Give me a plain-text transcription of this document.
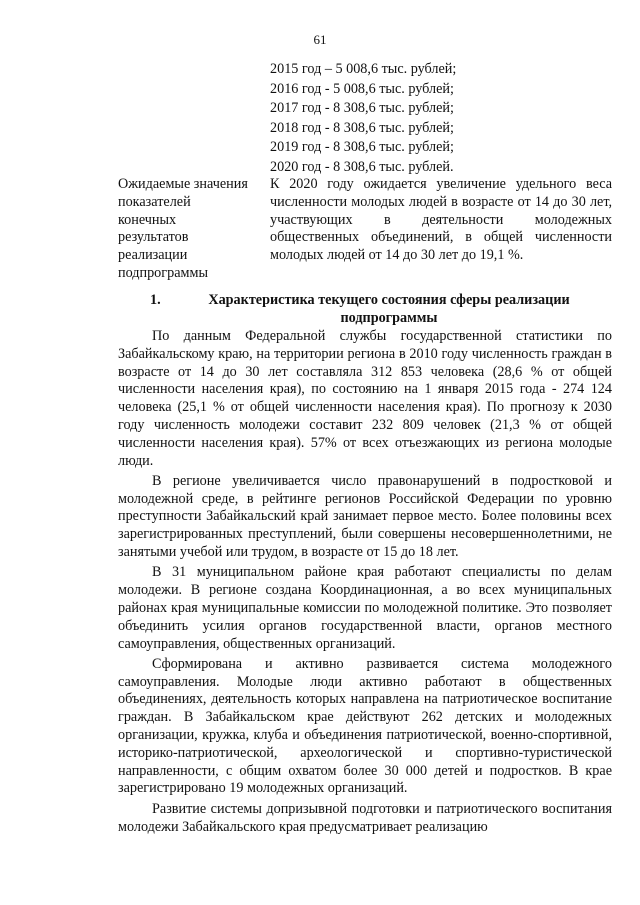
61
2015 год – 5 008,6 тыс. рублей;
2016 год - 5 008,6 тыс. рублей;
2017 год - 8 308,6 тыс. рублей;
2018 год - 8 308,6 тыс. рублей;
2019 год - 8 308,6 тыс. рублей;
2020 год - 8 308,6 тыс. рублей.
Ожидаемые значения
показателей
конечных
результатов
реализации
подпрограммы
К 2020 году ожидается увеличение удельного веса численности молодых людей в возрасте от 14 до 30 лет, участвующих в деятельности молодежных общественных объединений, в общей численности молодых людей от 14 до 30 лет до 19,1 %.
1.	Характеристика текущего состояния сферы реализации подпрограммы

По данным Федеральной службы государственной статистики по Забайкальскому краю, на территории региона в 2010 году численность граждан в возрасте от 14 до 30 лет составляла 312 853 человека (28,6 % от общей численности населения края), по состоянию на 1 января 2015 года - 274 124 человека (25,1 % от общей численности населения края). По прогнозу к 2030 году численность молодежи составит 232 809 человек (21,3 % от общей численности населения края). 57% от всех отъезжающих из региона молодые люди.

В регионе увеличивается число правонарушений в подростковой и молодежной среде, в рейтинге регионов Российской Федерации по уровню преступности Забайкальский край занимает первое место. Более половины всех зарегистрированных преступлений, были совершены несовершеннолетними, не занятыми учебой или трудом, в возрасте от 15 до 18 лет.

В 31 муниципальном районе края работают специалисты по делам молодежи. В регионе создана Координационная, а во всех муниципальных районах края муниципальные комиссии по молодежной политике. Это позволяет объединить усилия органов государственной власти, органов местного самоуправления, общественных организаций.

Сформирована и активно развивается система молодежного самоуправления. Молодые люди активно работают в общественных объединениях, деятельность которых направлена на патриотическое воспитание граждан. В Забайкальском крае действуют 262 детских и молодежных организации, кружка, клуба и объединения патриотической, военно-спортивной, историко-патриотической, археологической и спортивно-туристической направленности, с общим охватом более 30 000 детей и подростков. В крае зарегистрировано 19 молодежных организаций.

Развитие системы допризывной подготовки и патриотического воспитания молодежи Забайкальского края предусматривает реализацию
